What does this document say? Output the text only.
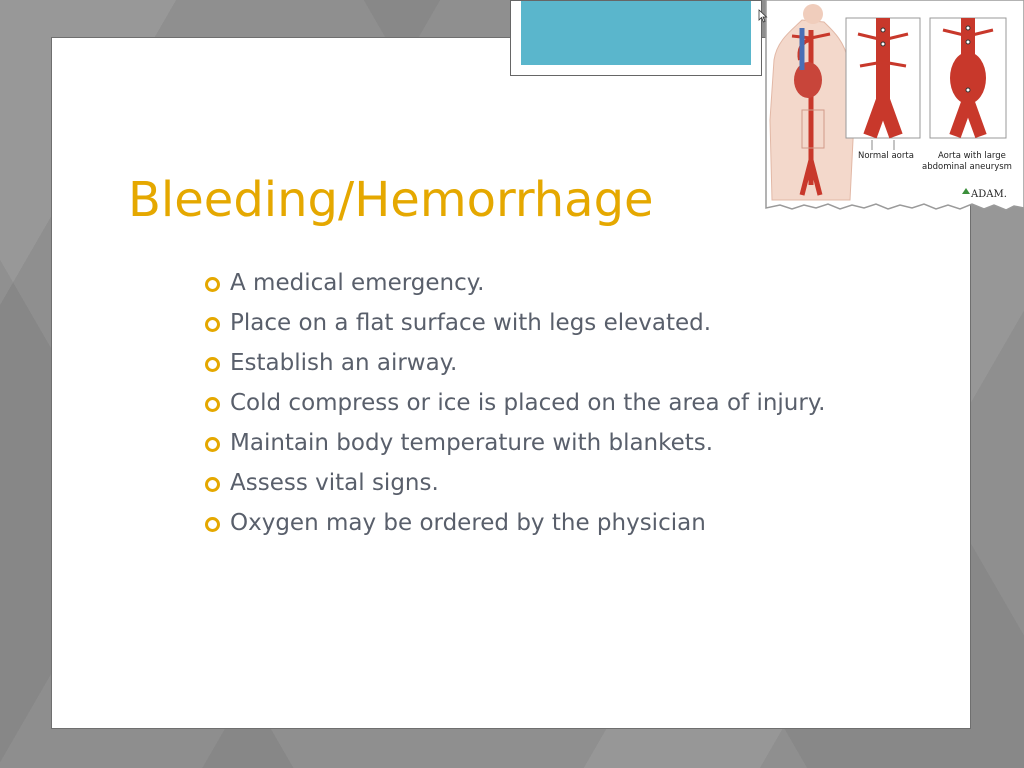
Normal aorta	Aorta with large
abdominal aneurysm
ADAM.
Bleeding/Hemorrhage
A medical emergency.
Place on a flat surface with legs elevated.
Establish an airway.
Cold compress or ice is placed on the area of injury.
Maintain body temperature with blankets.
Assess vital signs.
Oxygen may be ordered by the physician
